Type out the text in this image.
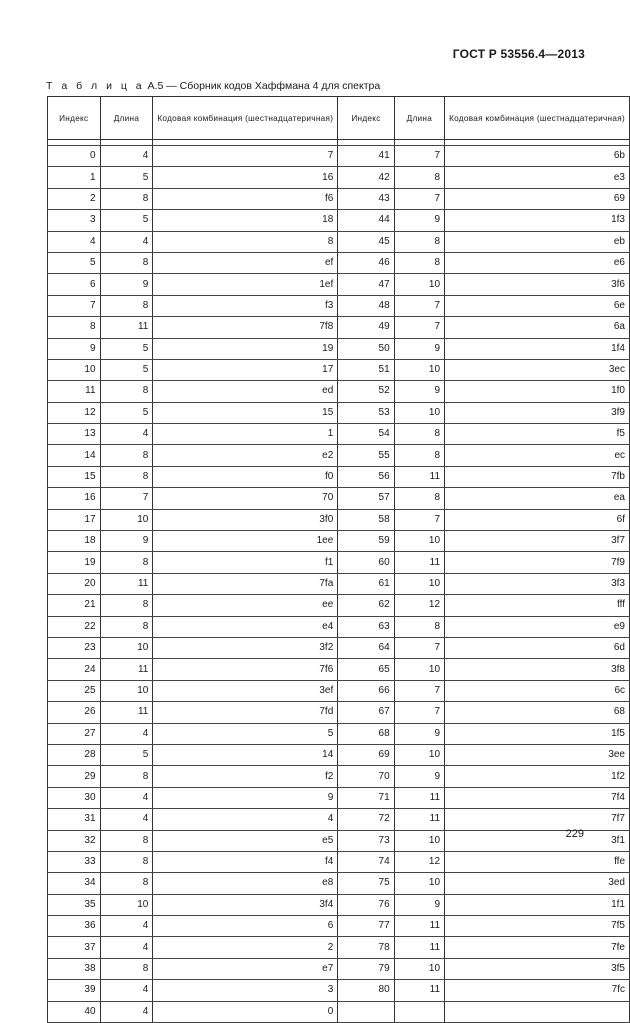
ГОСТ Р 53556.4—2013
Т а б л и ц а А.5 — Сборник кодов Хаффмана 4 для спектра
Индекс	Длина	Кодовая комбинация (шестнадцатеричная)	Индекс	Длина	Кодовая комбинация (шестнадцатеричная)

0	4	7	41	7	6b
1	5	16	42	8	e3
2	8	f6	43	7	69
3	5	18	44	9	1f3
4	4	8	45	8	eb
5	8	ef	46	8	e6
6	9	1ef	47	10	3f6
7	8	f3	48	7	6e
8	11	7f8	49	7	6a
9	5	19	50	9	1f4
10	5	17	51	10	3ec
11	8	ed	52	9	1f0
12	5	15	53	10	3f9
13	4	1	54	8	f5
14	8	e2	55	8	ec
15	8	f0	56	11	7fb
16	7	70	57	8	ea
17	10	3f0	58	7	6f
18	9	1ee	59	10	3f7
19	8	f1	60	11	7f9
20	11	7fa	61	10	3f3
21	8	ee	62	12	fff
22	8	e4	63	8	e9
23	10	3f2	64	7	6d
24	11	7f6	65	10	3f8
25	10	3ef	66	7	6c
26	11	7fd	67	7	68
27	4	5	68	9	1f5
28	5	14	69	10	3ee
29	8	f2	70	9	1f2
30	4	9	71	11	7f4
31	4	4	72	11	7f7
32	8	e5	73	10	3f1
33	8	f4	74	12	ffe
34	8	e8	75	10	3ed
35	10	3f4	76	9	1f1
36	4	6	77	11	7f5
37	4	2	78	11	7fe
38	8	e7	79	10	3f5
39	4	3	80	11	7fc
40	4	0			
229
